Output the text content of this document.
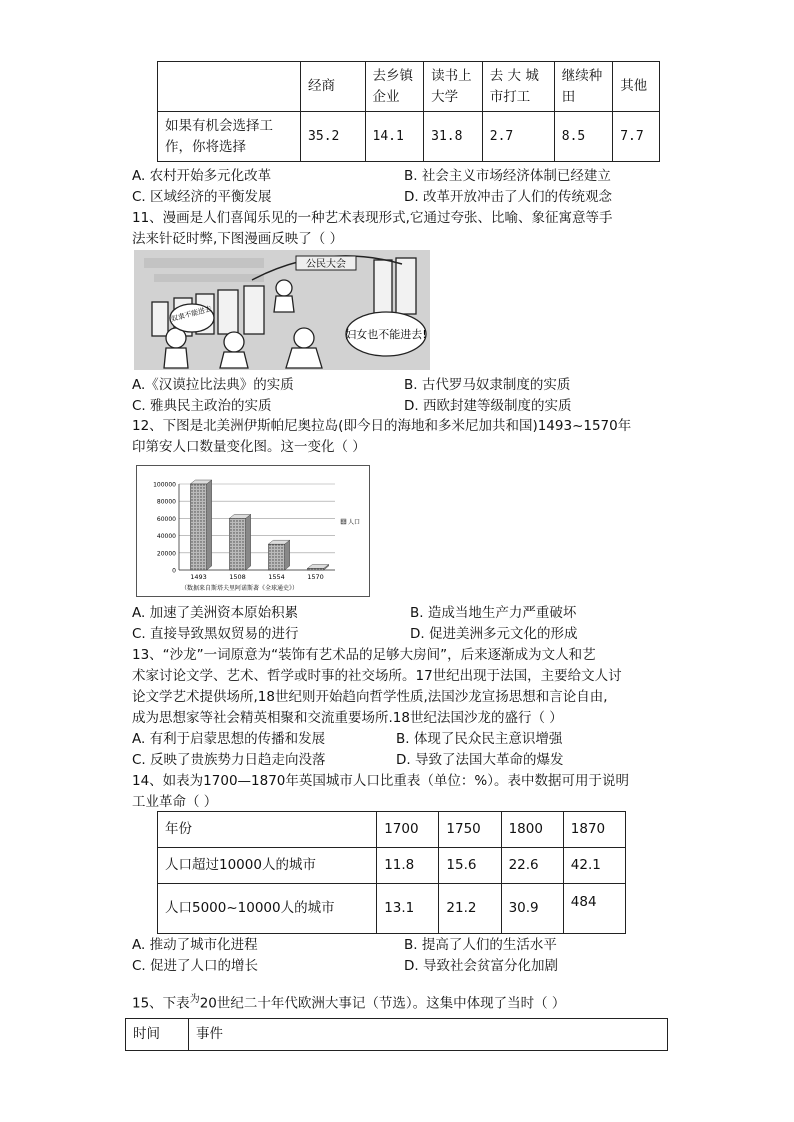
	经商	去乡镇企业	读书上大学	去 大 城市打工	继续种田	其他
如果有机会选择工作，你将选择	35.2	14.1	31.8	2.7	8.5	7.7
A. 农村开始多元化改革	B. 社会主义市场经济体制已经建立
C. 区域经济的平衡发展	D. 改革开放冲击了人们的传统观念
11、漫画是人们喜闻乐见的一种艺术表现形式,它通过夸张、比喻、象征寓意等手
法来针砭时弊,下图漫画反映了（ ）
公民大会
奴隶不能进去
妇女也不能进去!
A.《汉谟拉比法典》的实质	B. 古代罗马奴隶制度的实质
C. 雅典民主政治的实质	D. 西欧封建等级制度的实质
12、下图是北美洲伊斯帕尼奥拉岛(即今日的海地和多米尼加共和国)1493~1570年
印第安人口数量变化图。这一变化（ ）
100000
80000
60000
40000
20000
0
1493	1508	1554	1570
人口
（数据来自斯塔夫里阿诺斯著《全球通史》）
A. 加速了美洲资本原始积累	B. 造成当地生产力严重破坏
C. 直接导致黑奴贸易的进行	D. 促进美洲多元文化的形成
13、“沙龙”一词原意为“装饰有艺术品的足够大房间”，后来逐渐成为文人和艺
术家讨论文学、艺术、哲学或时事的社交场所。17世纪出现于法国，主要给文人讨
论文学艺术提供场所,18世纪则开始趋向哲学性质,法国沙龙宣扬思想和言论自由,
成为思想家等社会精英相聚和交流重要场所.18世纪法国沙龙的盛行（ ）
A. 有利于启蒙思想的传播和发展	B. 体现了民众民主意识增强
C. 反映了贵族势力日趋走向没落	D. 导致了法国大革命的爆发
14、如表为1700—1870年英国城市人口比重表（单位：%）。表中数据可用于说明
工业革命（ ）
年份	1700	1750	1800	1870
人口超过10000人的城市	11.8	15.6	22.6	42.1
人口5000~10000人的城市	13.1	21.2	30.9	484
A. 推动了城市化进程	B. 提高了人们的生活水平
C. 促进了人口的增长	D. 导致社会贫富分化加剧
15、下表$^为$20世纪二十年代欧洲大事记（节选）。这集中体现了当时（ ）
时间	事件
